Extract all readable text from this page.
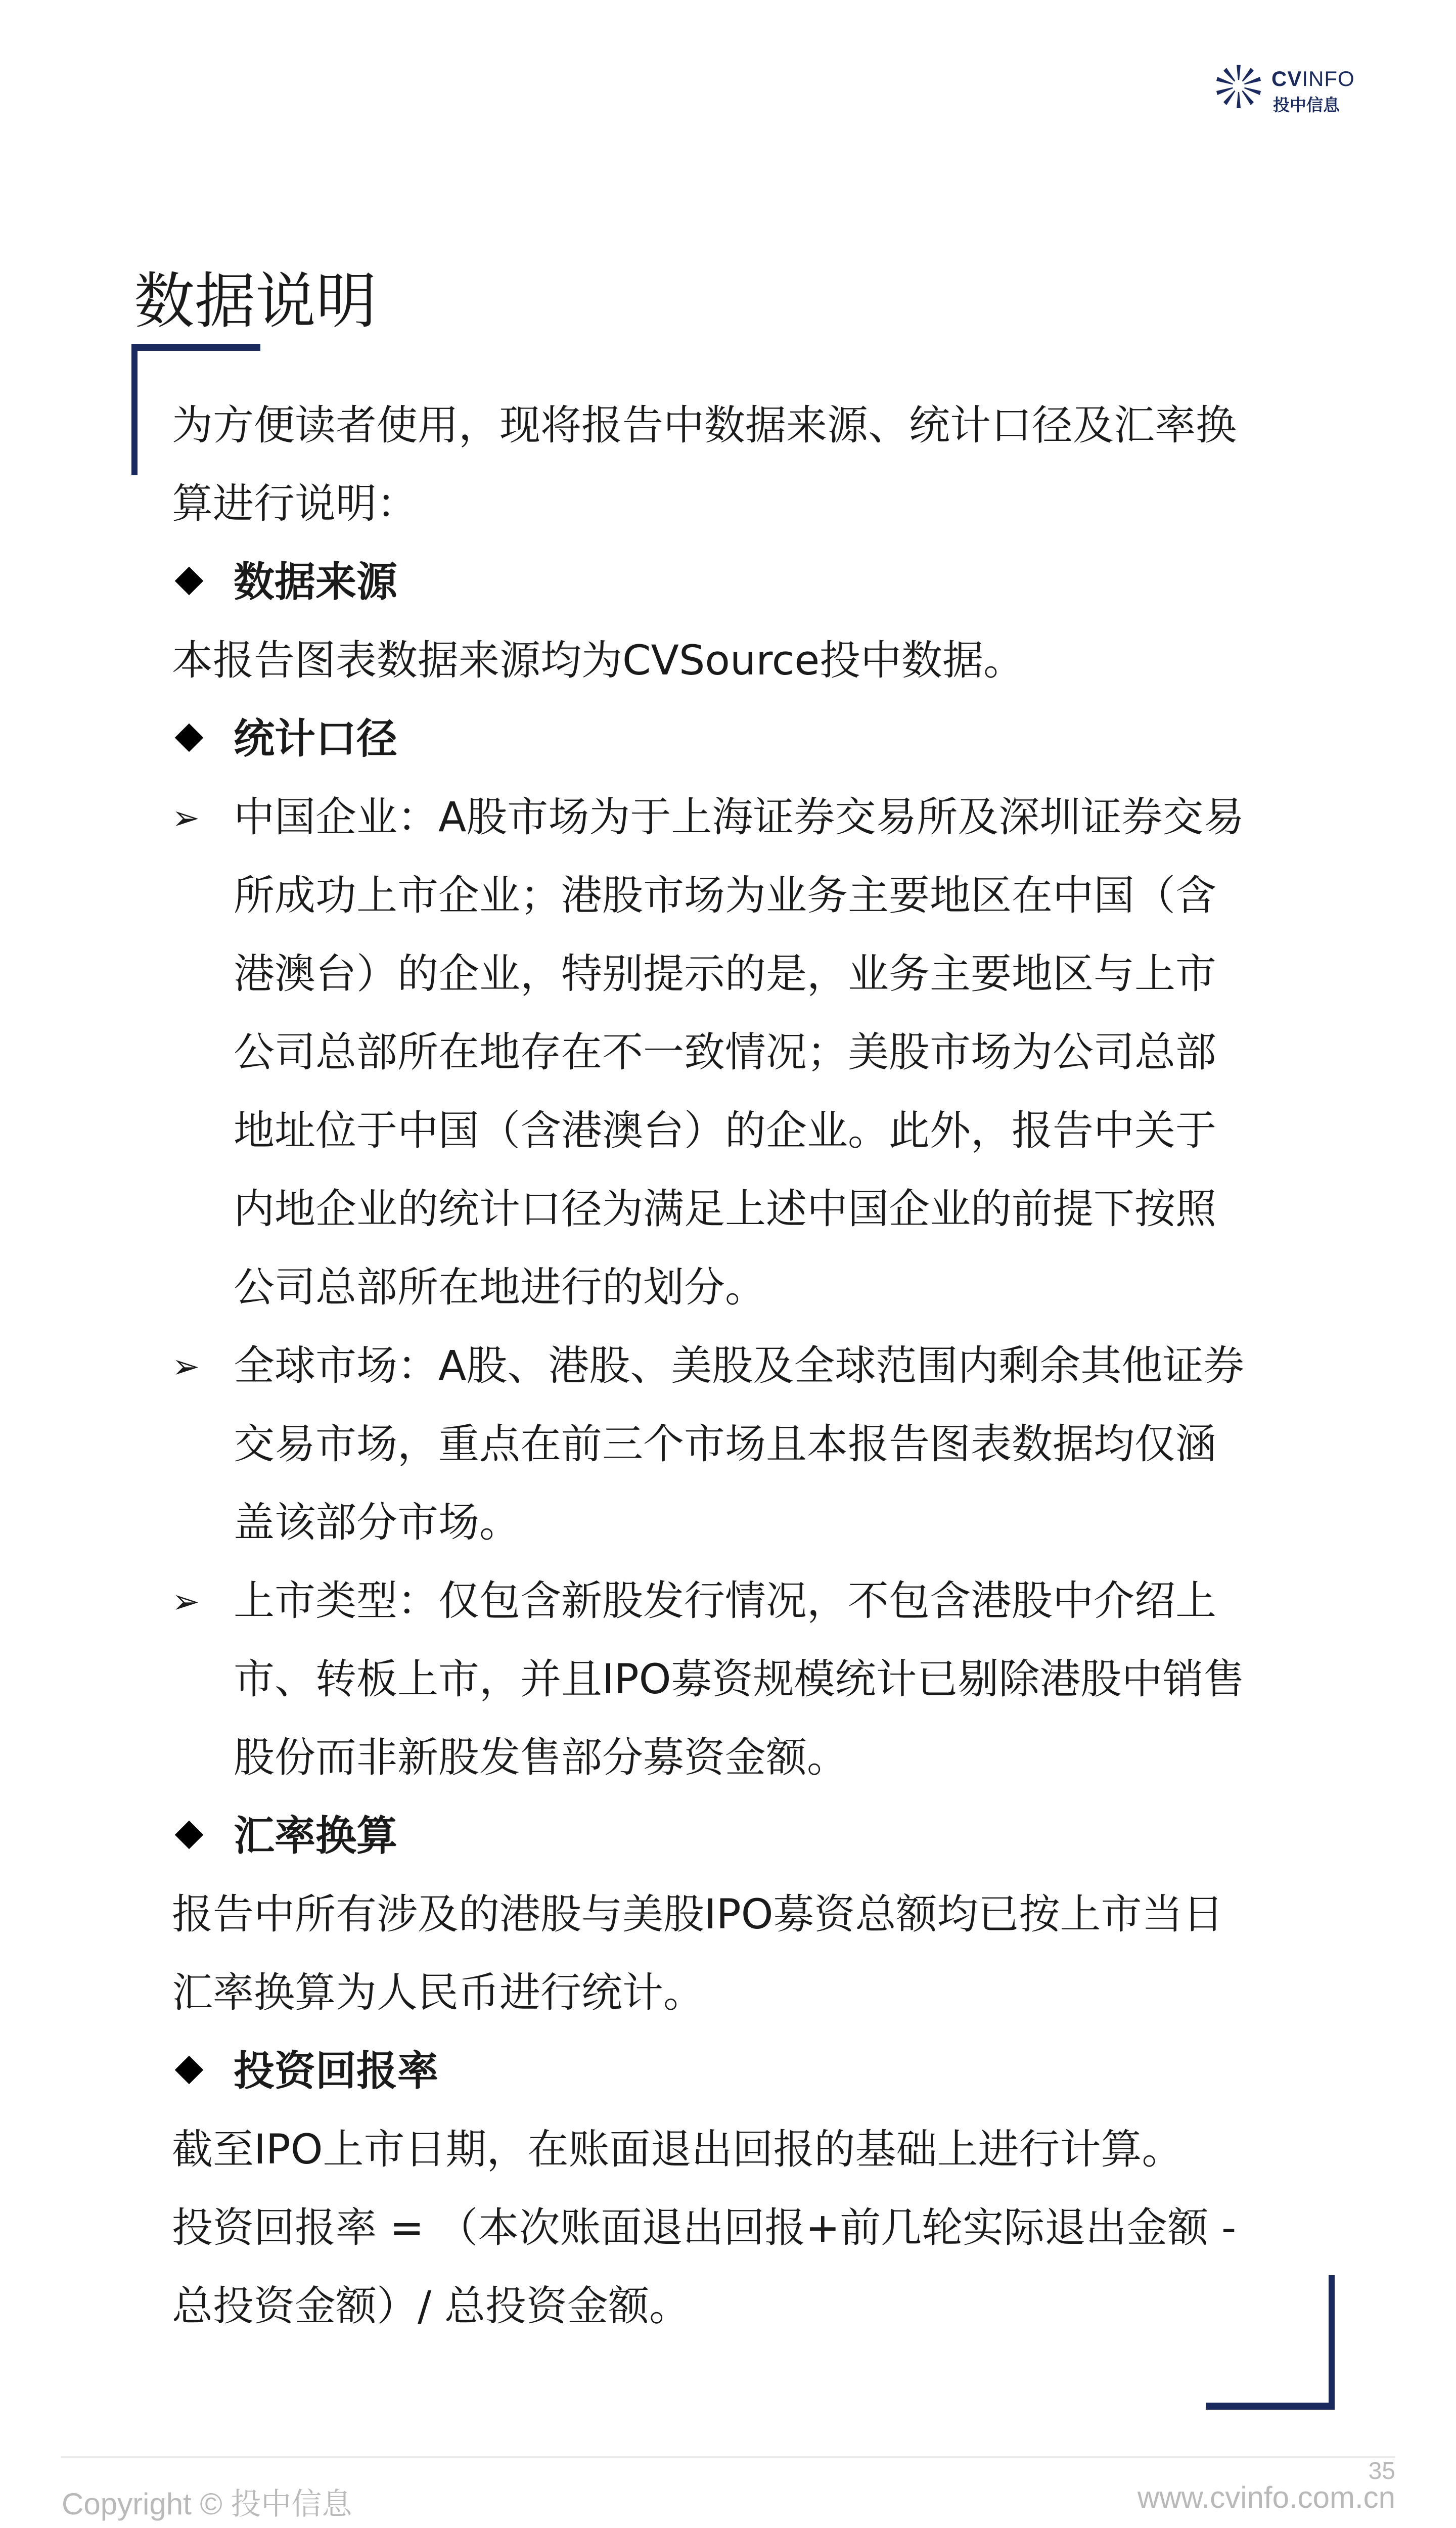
CVINFO
投中信息
数据说明
为方便读者使用，现将报告中数据来源、统计口径及汇率换
算进行说明：
数据来源
本报告图表数据来源均为CVSource投中数据。
统计口径
➢ 中国企业：A股市场为于上海证券交易所及深圳证券交易
所成功上市企业；港股市场为业务主要地区在中国（含
港澳台）的企业，特别提示的是，业务主要地区与上市
公司总部所在地存在不一致情况；美股市场为公司总部
地址位于中国（含港澳台）的企业。此外，报告中关于
内地企业的统计口径为满足上述中国企业的前提下按照
公司总部所在地进行的划分。
➢ 全球市场：A股、港股、美股及全球范围内剩余其他证券
交易市场，重点在前三个市场且本报告图表数据均仅涵
盖该部分市场。
➢ 上市类型：仅包含新股发行情况，不包含港股中介绍上
市、转板上市，并且IPO募资规模统计已剔除港股中销售
股份而非新股发售部分募资金额。
汇率换算
报告中所有涉及的港股与美股IPO募资总额均已按上市当日
汇率换算为人民币进行统计。
投资回报率
截至IPO上市日期，在账面退出回报的基础上进行计算。
投资回报率 = （本次账面退出回报+前几轮实际退出金额 -
总投资金额）/ 总投资金额。
35
Copyright © 投中信息	www.cvinfo.com.cn
